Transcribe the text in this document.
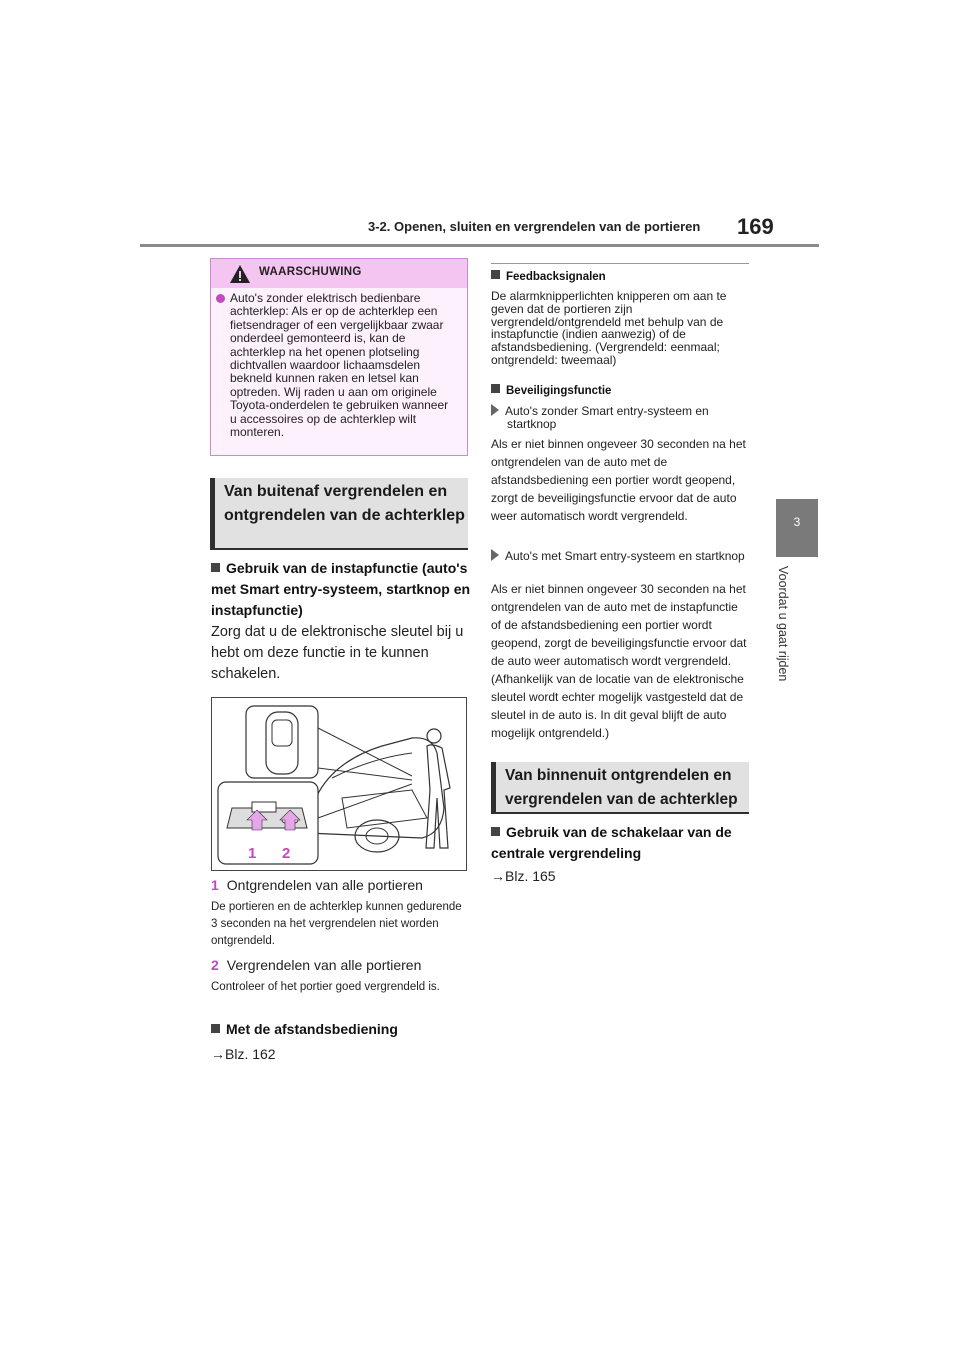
3-2. Openen, sluiten en vergrendelen van de portieren 169
3
Voordat u gaat rijden
WAARSCHUWING
Auto's zonder elektrisch bedienbare achterklep: Als er op de achterklep een fietsendrager of een vergelijkbaar zwaar onderdeel gemonteerd is, kan de achterklep na het openen plotseling dichtvallen waardoor lichaamsdelen bekneld kunnen raken en letsel kan optreden. Wij raden u aan om originele Toyota-onderdelen te gebruiken wanneer u accessoires op de achterklep wilt monteren.
Van buitenaf vergrendelen en ontgrendelen van de achterklep
Gebruik van de instapfunctie (auto's met Smart entry-systeem, startknop en instapfunctie)
Zorg dat u de elektronische sleutel bij u hebt om deze functie in te kunnen schakelen.
1 2
1 Ontgrendelen van alle portieren
De portieren en de achterklep kunnen gedurende 3 seconden na het vergrendelen niet worden ontgrendeld.
2 Vergrendelen van alle portieren
Controleer of het portier goed vergrendeld is.
Met de afstandsbediening
→Blz. 162
Feedbacksignalen
De alarmknipperlichten knipperen om aan te geven dat de portieren zijn vergrendeld/ontgrendeld met behulp van de instapfunctie (indien aanwezig) of de afstandsbediening. (Vergrendeld: eenmaal; ontgrendeld: tweemaal)
Beveiligingsfunctie
Auto's zonder Smart entry-systeem en startknop
Als er niet binnen ongeveer 30 seconden na het ontgrendelen van de auto met de afstandsbediening een portier wordt geopend, zorgt de beveiligingsfunctie ervoor dat de auto weer automatisch wordt vergrendeld.
Auto's met Smart entry-systeem en startknop
Als er niet binnen ongeveer 30 seconden na het ontgrendelen van de auto met de instapfunctie of de afstandsbediening een portier wordt geopend, zorgt de beveiligingsfunctie ervoor dat de auto weer automatisch wordt vergrendeld. (Afhankelijk van de locatie van de elektronische sleutel wordt echter mogelijk vastgesteld dat de sleutel in de auto is. In dit geval blijft de auto mogelijk ontgrendeld.)
Van binnenuit ontgrendelen en vergrendelen van de achterklep
Gebruik van de schakelaar van de centrale vergrendeling
→Blz. 165
